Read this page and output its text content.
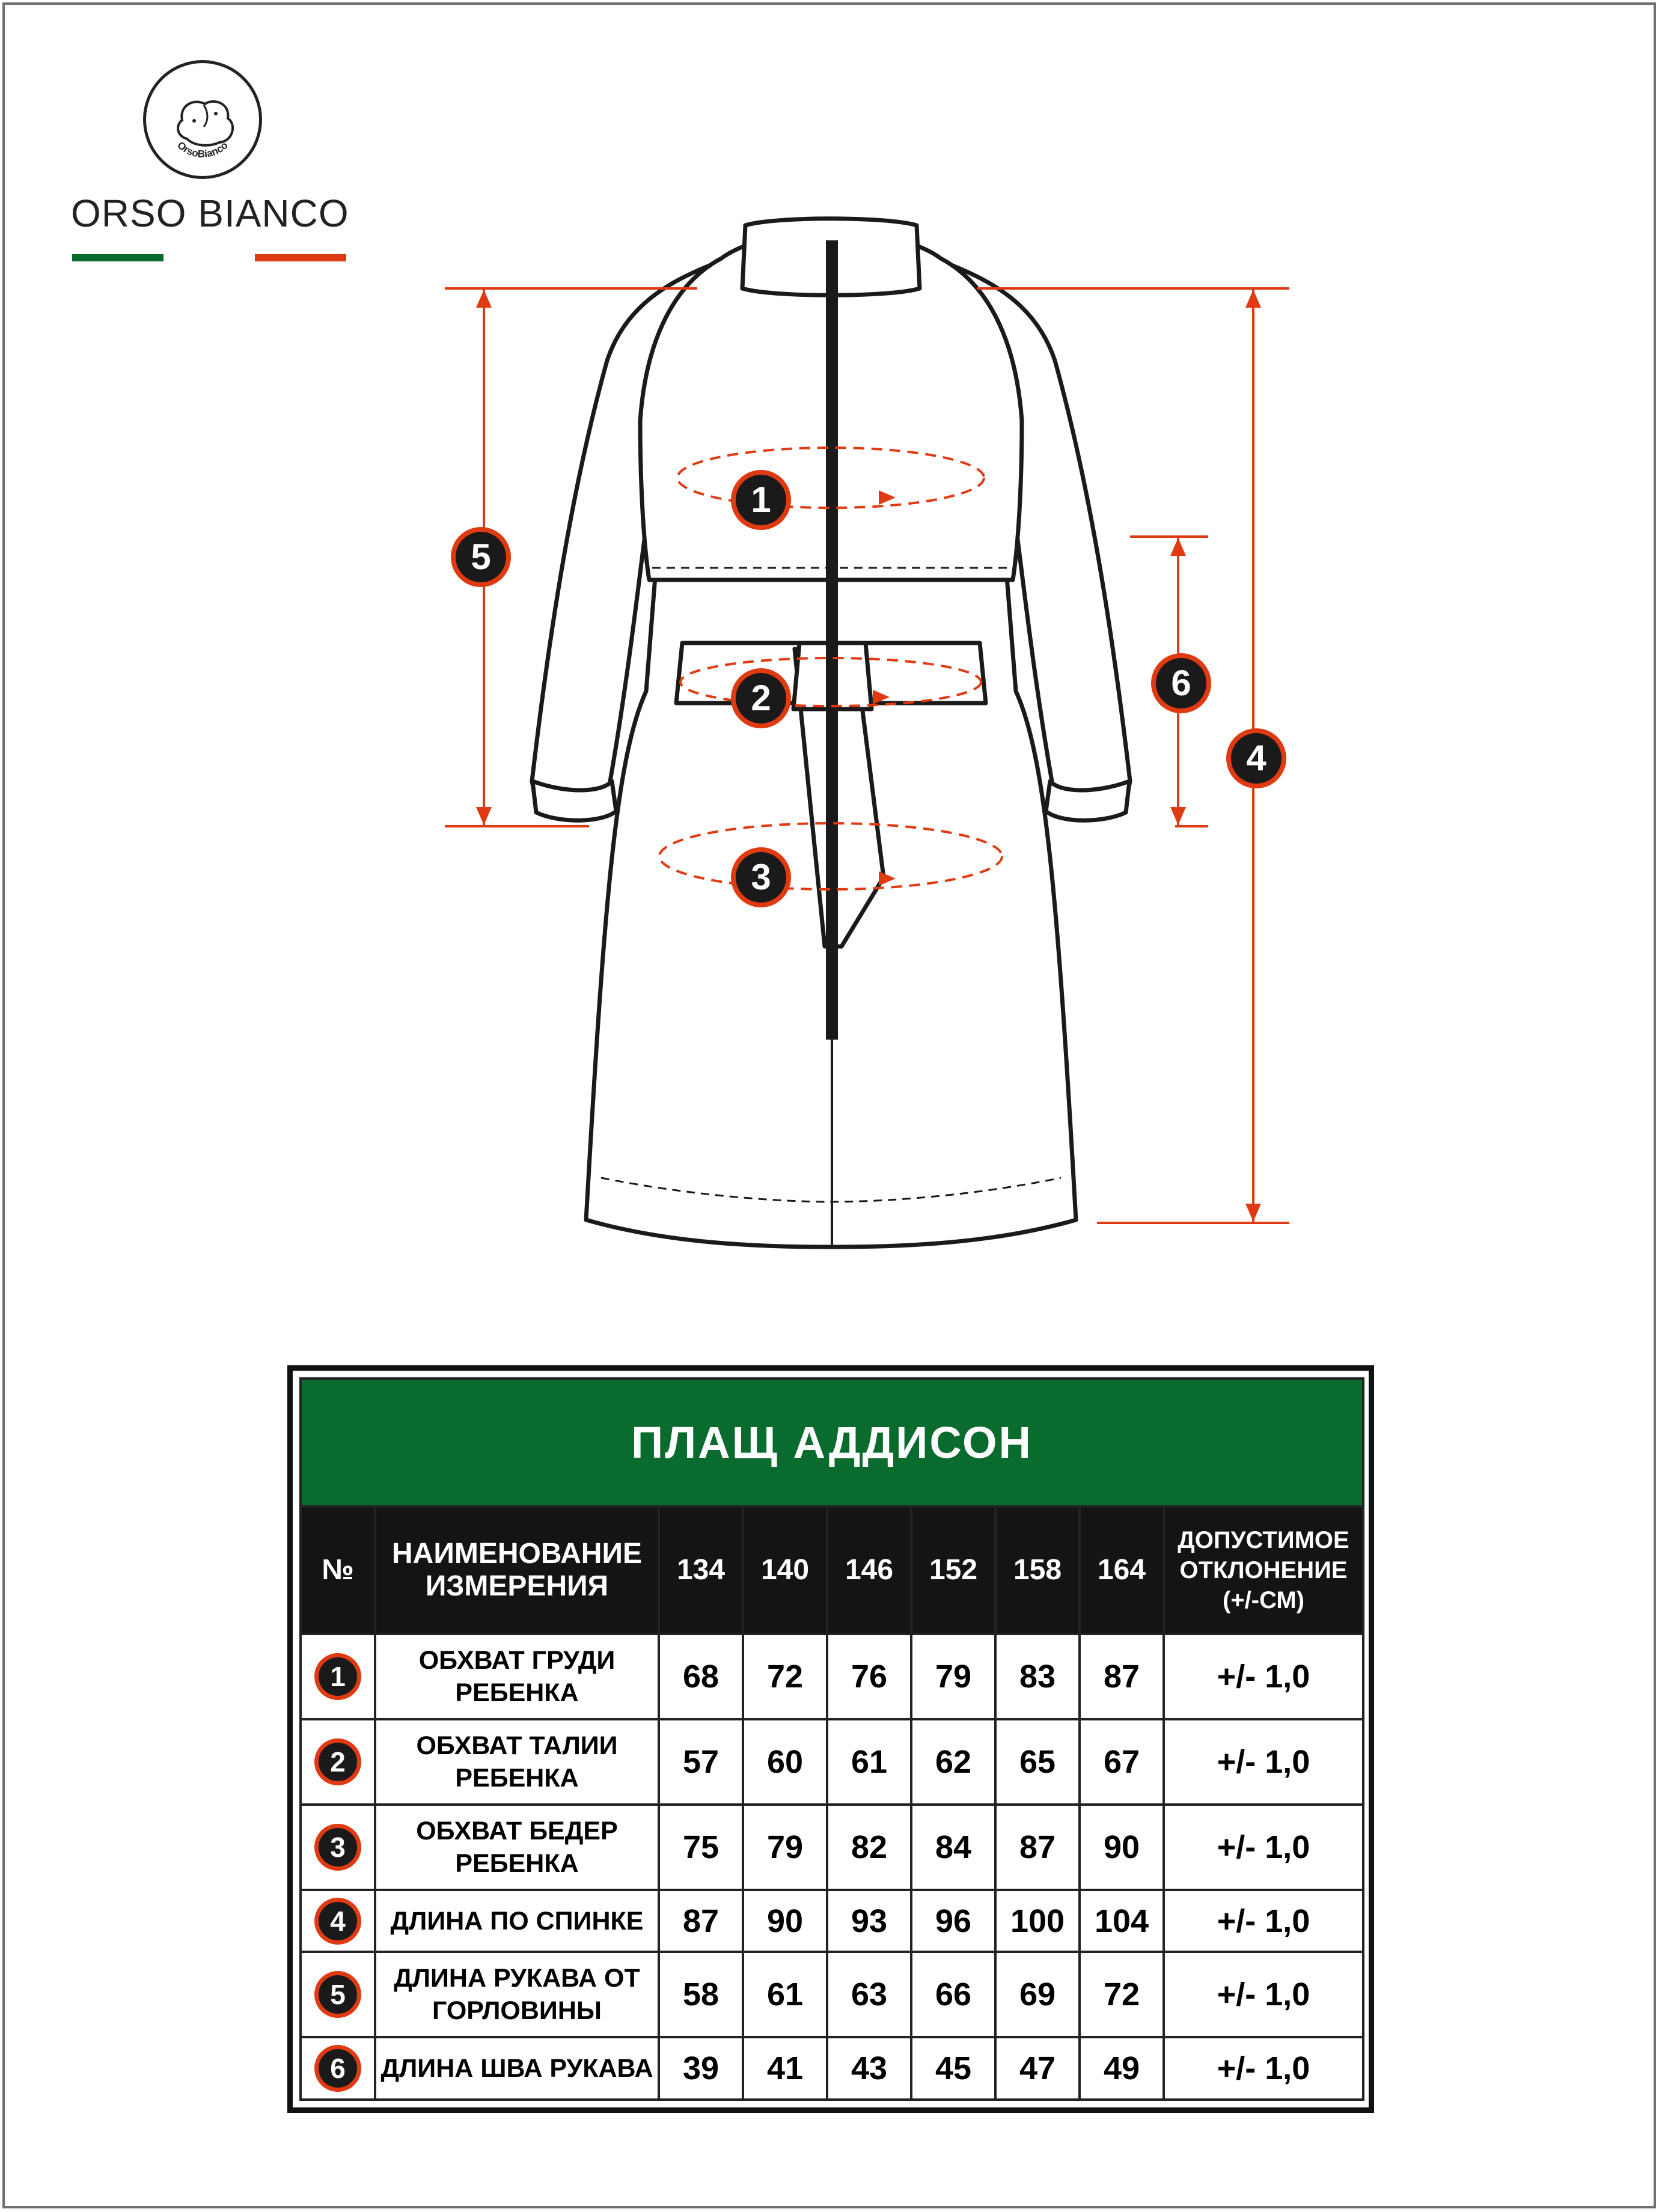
OrsoBianco
ORSO BIANCO
1
2
3
4
5
6
ПЛАЩ АДДИСОН								
№	НАИМЕНОВАНИЕ ИЗМЕРЕНИЯ	134	140	146	152	158	164	ДОПУСТИМОЕ ОТКЛОНЕНИЕ (+/-СМ)
1	ОБХВАТ ГРУДИ РЕБЕНКА	68	72	76	79	83	87	+/- 1,0
2	ОБХВАТ ТАЛИИ РЕБЕНКА	57	60	61	62	65	67	+/- 1,0
3	ОБХВАТ БЕДЕР РЕБЕНКА	75	79	82	84	87	90	+/- 1,0
4	ДЛИНА ПО СПИНКЕ	87	90	93	96	100	104	+/- 1,0
5	ДЛИНА РУКАВА ОТ ГОРЛОВИНЫ	58	61	63	66	69	72	+/- 1,0
6	ДЛИНА ШВА РУКАВА	39	41	43	45	47	49	+/- 1,0
